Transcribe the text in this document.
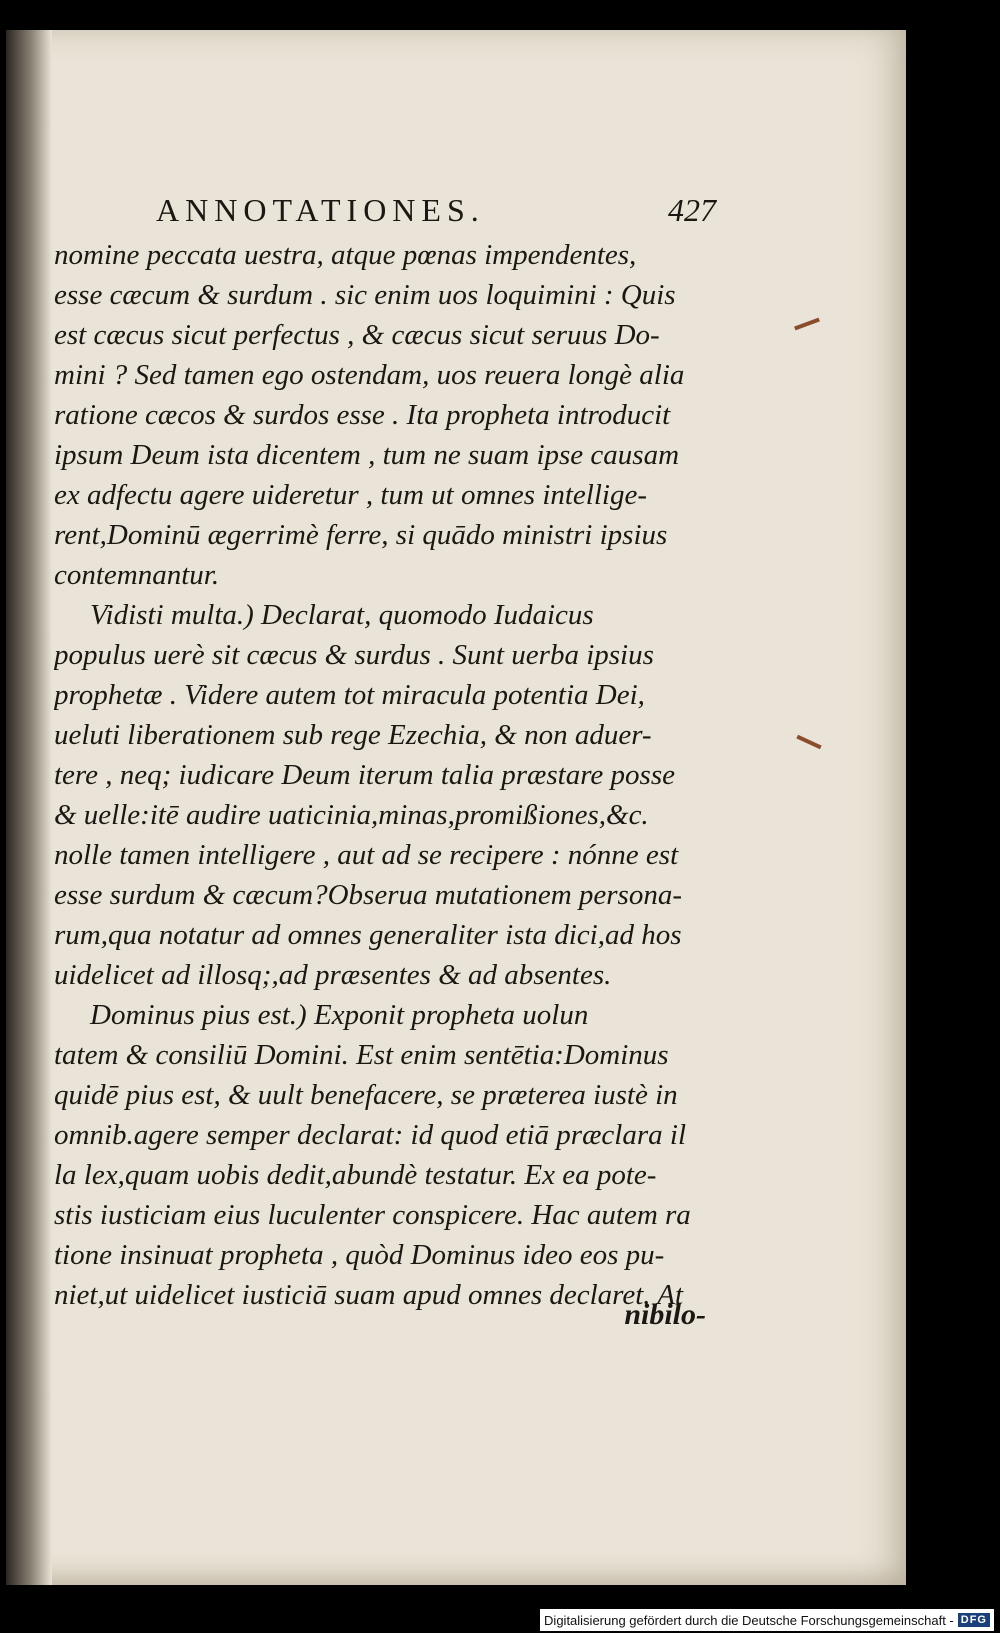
ANNOTATIONES.	427
nomine peccata uestra, atque pœnas impendentes,
esse cæcum & surdum . sic enim uos loquimini : Quis
est cæcus sicut perfectus , & cæcus sicut seruus Do-
mini ? Sed tamen ego ostendam, uos reuera longè alia
ratione cæcos & surdos esse . Ita propheta introducit
ipsum Deum ista dicentem , tum ne suam ipse causam
ex adfectu agere uideretur , tum ut omnes intellige-
rent,Dominū ægerrimè ferre, si quādo ministri ipsius
contemnantur.
Vidisti multa.) Declarat, quomodo Iudaicus
populus uerè sit cæcus & surdus . Sunt uerba ipsius
prophetæ . Videre autem tot miracula potentia Dei,
ueluti liberationem sub rege Ezechia, & non aduer-
tere , neq; iudicare Deum iterum talia præstare posse
& uelle:itē audire uaticinia,minas,promißiones,&c.
nolle tamen intelligere , aut ad se recipere : nónne est
esse surdum & cæcum?Obserua mutationem persona-
rum,qua notatur ad omnes generaliter ista dici,ad hos
uidelicet ad illosq;,ad præsentes & ad absentes.
Dominus pius est.) Exponit propheta uolun
tatem & consiliū Domini. Est enim sentētia:Dominus
quidē pius est, & uult benefacere, se præterea iustè in
omnib.agere semper declarat: id quod etiā præclara il
la lex,quam uobis dedit,abundè testatur. Ex ea pote-
stis iusticiam eius luculenter conspicere. Hac autem ra
tione insinuat propheta , quòd Dominus ideo eos pu-
niet,ut uidelicet iusticiā suam apud omnes declaret. At
nibilo-
Digitalisierung gefördert durch die Deutsche Forschungsgemeinschaft - DFG
